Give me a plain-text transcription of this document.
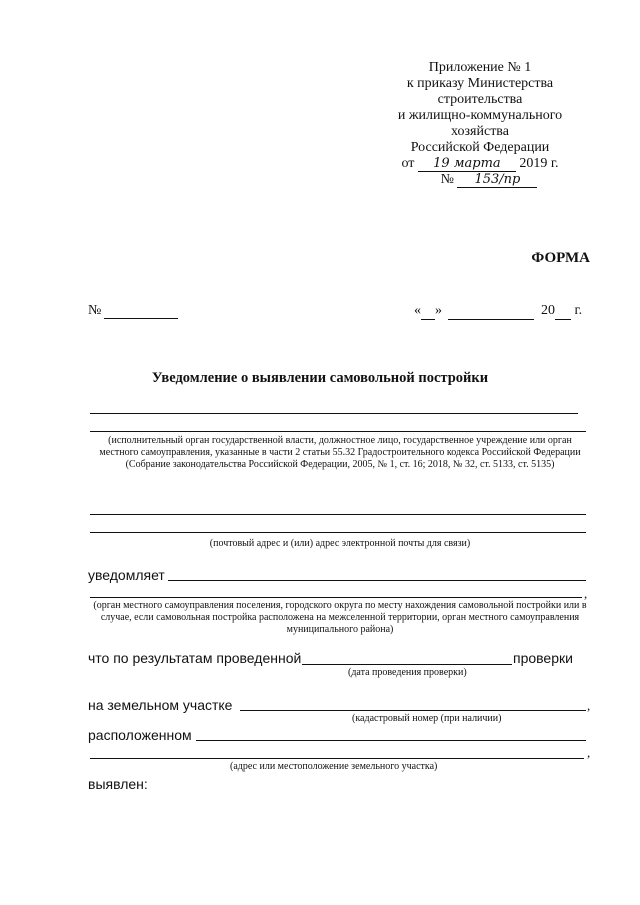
Приложение № 1
к приказу Министерства
строительства
и жилищно-коммунального
хозяйства
Российской Федерации
от 19 марта 2019 г.
№ 153/пр
ФОРМА
№	« »	20 г.
Уведомление о выявлении самовольной постройки
(исполнительный орган государственной власти, должностное лицо, государственное учреждение или орган местного самоуправления, указанные в части 2 статьи 55.32 Градостроительного кодекса Российской Федерации (Собрание законодательства Российской Федерации, 2005, № 1, ст. 16; 2018, № 32, ст. 5133, ст. 5135)
(почтовый адрес и (или) адрес электронной почты для связи)
уведомляет
,
(орган местного самоуправления поселения, городского округа по месту нахождения самовольной постройки или в случае, если самовольная постройка расположена на межселенной территории, орган местного самоуправления муниципального района)
что по результатам проведенной	проверки
(дата проведения проверки)
на земельном участке	,
(кадастровый номер (при наличии)
расположенном
,
(адрес или местоположение земельного участка)
выявлен:
